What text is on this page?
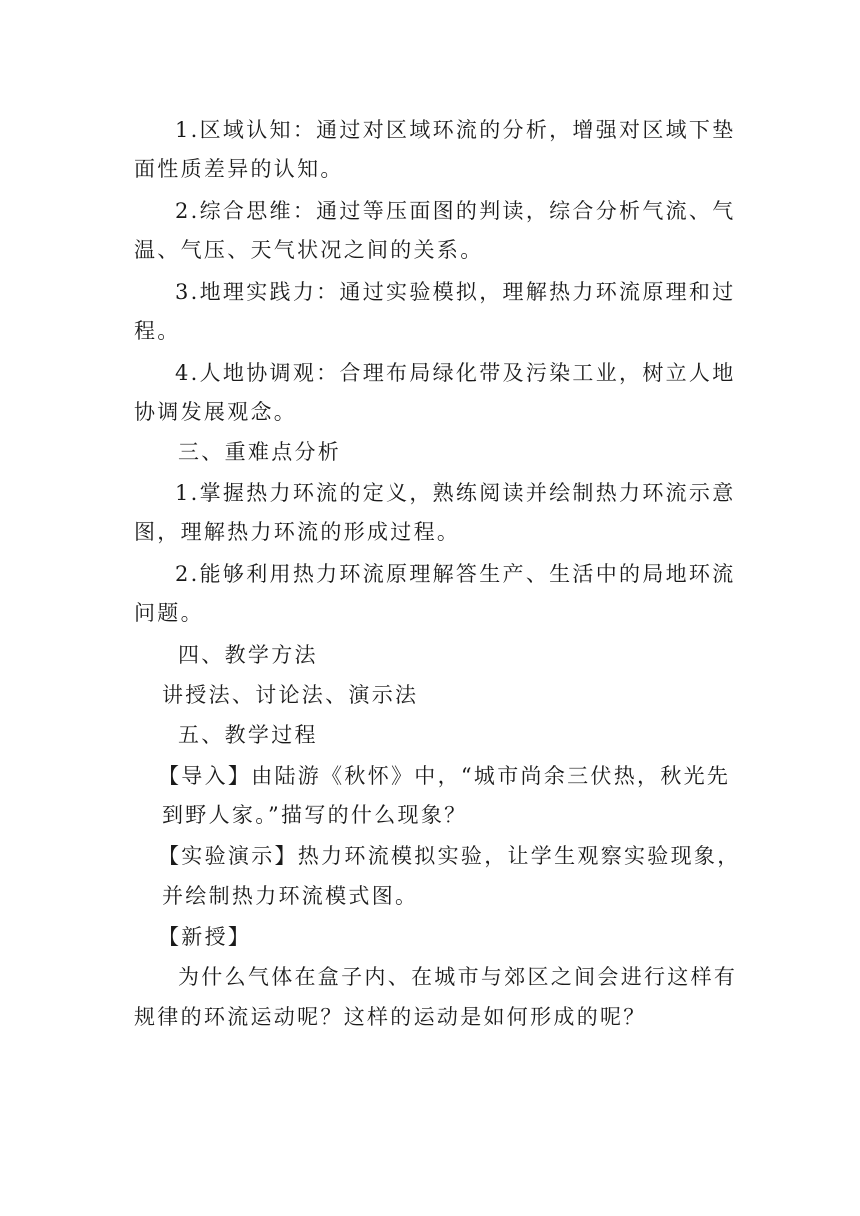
1.区域认知：通过对区域环流的分析，增强对区域下垫
面性质差异的认知。
2.综合思维：通过等压面图的判读，综合分析气流、气
温、气压、天气状况之间的关系。
3.地理实践力：通过实验模拟，理解热力环流原理和过
程。
4.人地协调观：合理布局绿化带及污染工业，树立人地
协调发展观念。
三、重难点分析
1.掌握热力环流的定义，熟练阅读并绘制热力环流示意
图，理解热力环流的形成过程。
2.能够利用热力环流原理解答生产、生活中的局地环流
问题。
四、教学方法
讲授法、讨论法、演示法
五、教学过程
【导入】由陆游《秋怀》中，“城市尚余三伏热，秋光先
到野人家。”描写的什么现象？
【实验演示】热力环流模拟实验，让学生观察实验现象，
并绘制热力环流模式图。
【新授】
为什么气体在盒子内、在城市与郊区之间会进行这样有
规律的环流运动呢？这样的运动是如何形成的呢？
